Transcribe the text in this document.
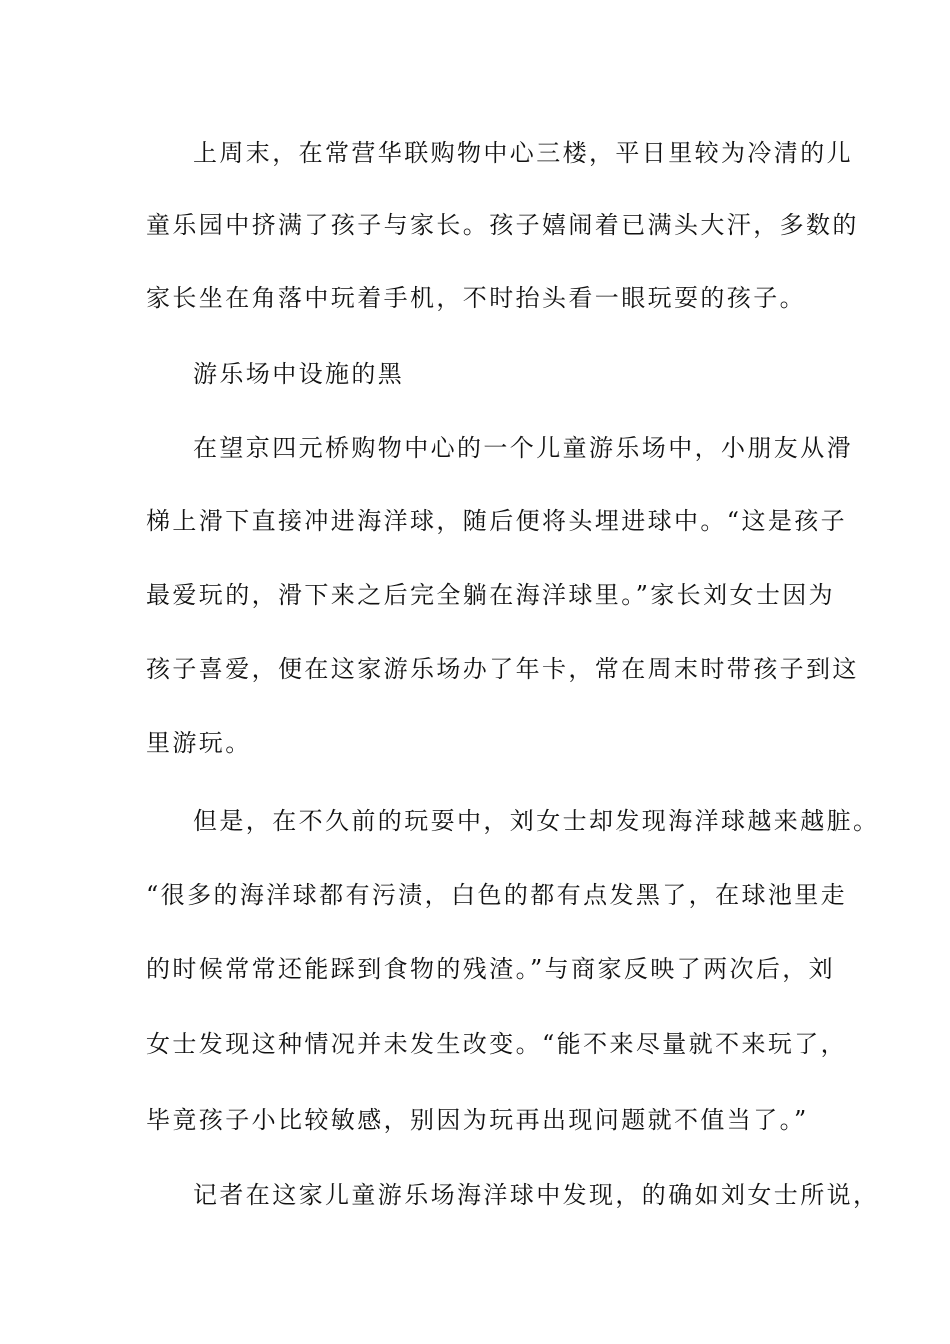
上周末，在常营华联购物中心三楼，平日里较为冷清的儿

童乐园中挤满了孩子与家长。孩子嬉闹着已满头大汗，多数的

家长坐在角落中玩着手机，不时抬头看一眼玩耍的孩子。

游乐场中设施的黑

在望京四元桥购物中心的一个儿童游乐场中，小朋友从滑

梯上滑下直接冲进海洋球，随后便将头埋进球中。“这是孩子

最爱玩的，滑下来之后完全躺在海洋球里。”家长刘女士因为

孩子喜爱，便在这家游乐场办了年卡，常在周末时带孩子到这

里游玩。

但是，在不久前的玩耍中，刘女士却发现海洋球越来越脏。

“很多的海洋球都有污渍，白色的都有点发黑了，在球池里走

的时候常常还能踩到食物的残渣。”与商家反映了两次后，刘

女士发现这种情况并未发生改变。“能不来尽量就不来玩了，

毕竟孩子小比较敏感，别因为玩再出现问题就不值当了。”

记者在这家儿童游乐场海洋球中发现，的确如刘女士所说，
